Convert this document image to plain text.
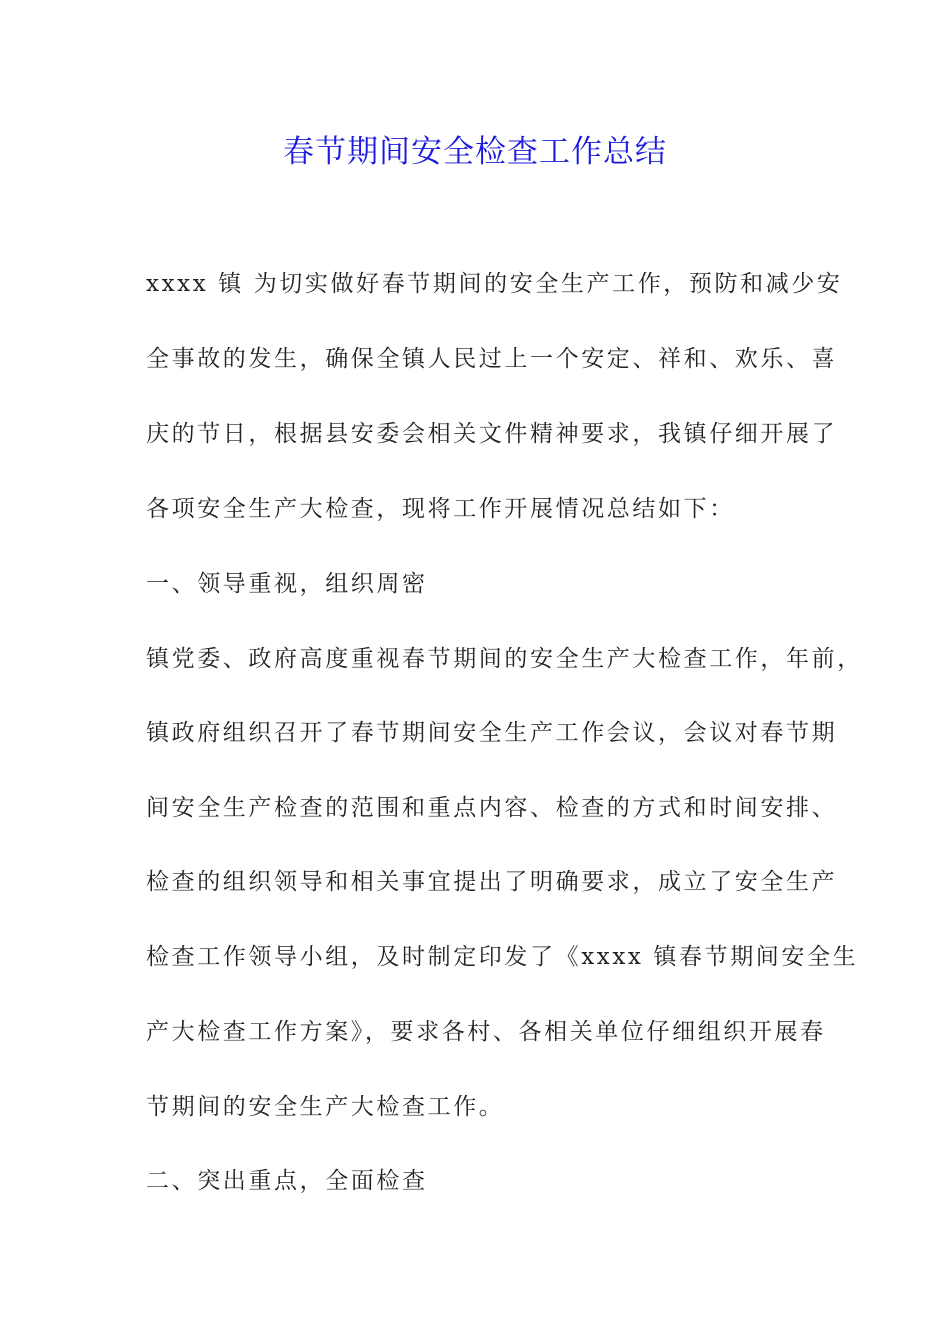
春节期间安全检查工作总结
xxxx 镇 为切实做好春节期间的安全生产工作，预防和减少安
全事故的发生，确保全镇人民过上一个安定、祥和、欢乐、喜
庆的节日，根据县安委会相关文件精神要求，我镇仔细开展了
各项安全生产大检查，现将工作开展情况总结如下：
一、领导重视，组织周密
镇党委、政府高度重视春节期间的安全生产大检查工作，年前，
镇政府组织召开了春节期间安全生产工作会议，会议对春节期
间安全生产检查的范围和重点内容、检查的方式和时间安排、
检查的组织领导和相关事宜提出了明确要求，成立了安全生产
检查工作领导小组，及时制定印发了《xxxx 镇春节期间安全生
产大检查工作方案》，要求各村、各相关单位仔细组织开展春
节期间的安全生产大检查工作。
二、突出重点，全面检查
